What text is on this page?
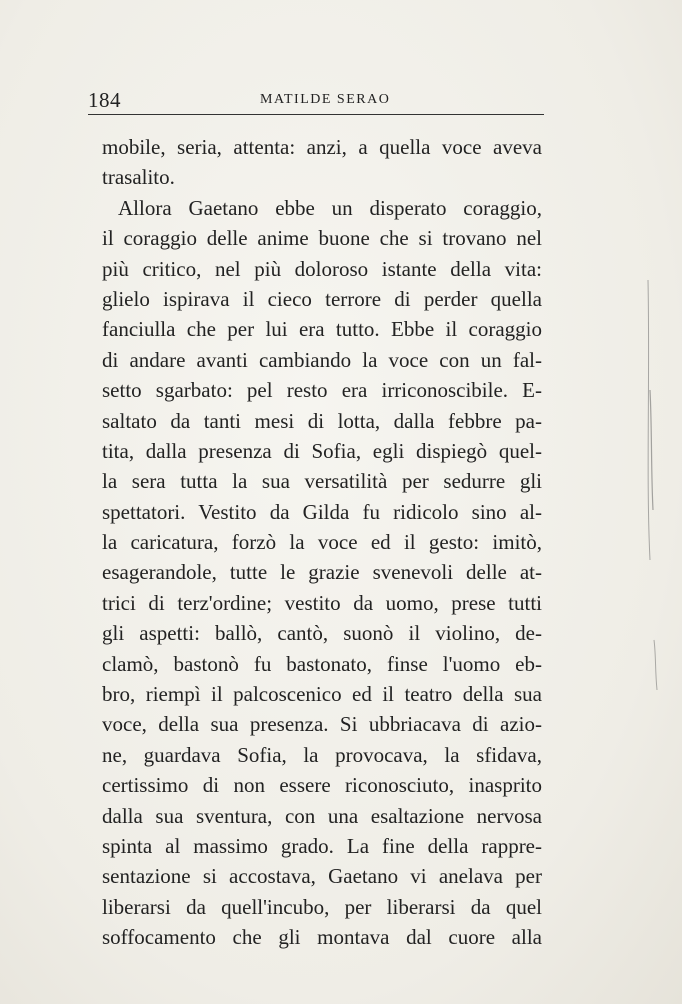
184	MATILDE SERAO
mobile, seria, attenta: anzi, a quella voce aveva
trasalito.
Allora Gaetano ebbe un disperato coraggio,
il coraggio delle anime buone che si trovano nel
più critico, nel più doloroso istante della vita:
glielo ispirava il cieco terrore di perder quella
fanciulla che per lui era tutto. Ebbe il coraggio
di andare avanti cambiando la voce con un fal-
setto sgarbato: pel resto era irriconoscibile. E-
saltato da tanti mesi di lotta, dalla febbre pa-
tita, dalla presenza di Sofia, egli dispiegò quel-
la sera tutta la sua versatilità per sedurre gli
spettatori. Vestito da Gilda fu ridicolo sino al-
la caricatura, forzò la voce ed il gesto: imitò,
esagerandole, tutte le grazie svenevoli delle at-
trici di terz'ordine; vestito da uomo, prese tutti
gli aspetti: ballò, cantò, suonò il violino, de-
clamò, bastonò fu bastonato, finse l'uomo eb-
bro, riempì il palcoscenico ed il teatro della sua
voce, della sua presenza. Si ubbriacava di azio-
ne, guardava Sofia, la provocava, la sfidava,
certissimo di non essere riconosciuto, inasprito
dalla sua sventura, con una esaltazione nervosa
spinta al massimo grado. La fine della rappre-
sentazione si accostava, Gaetano vi anelava per
liberarsi da quell'incubo, per liberarsi da quel
soffocamento che gli montava dal cuore alla
